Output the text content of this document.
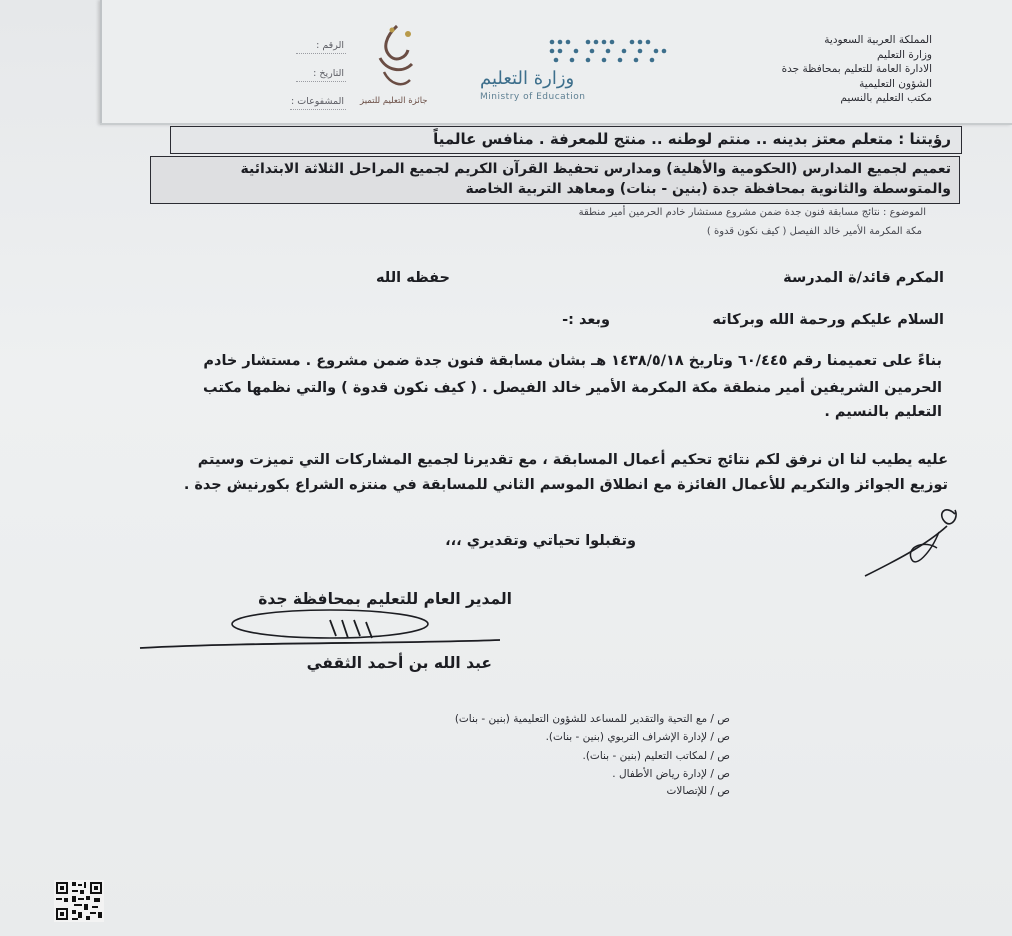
المملكة العربية السعودية
وزارة التعليم
الادارة العامة للتعليم بمحافظة جدة
الشؤون التعليمية
مكتب التعليم بالنسيم
وزارة التعليم
Ministry of Education
جائزة التعليم للتميز
الرقم :
التاريخ :
المشفوعات :
رؤيتنا : متعلم معتز بدينه .. منتم لوطنه .. منتج للمعرفة . منافس عالمياً
تعميم لجميع المدارس (الحكومية والأهلية) ومدارس تحفيظ القرآن الكريم لجميع المراحل الثلاثة الابتدائية
والمتوسطة والثانوية بمحافظة جدة (بنين - بنات) ومعاهد التربية الخاصة
الموضوع : نتائج مسابقة فنون جدة ضمن مشروع مستشار خادم الحرمين أمير منطقة
مكة المكرمة الأمير خالد الفيصل ( كيف نكون قدوة )
المكرم قائد/ة المدرسة
حفظه الله
السلام عليكم ورحمة الله وبركاته
وبعد :-
بناءً على تعميمنا رقم ٦٠/٤٤٥ وتاريخ ١٤٣٨/٥/١٨ هـ بشان مسابقة فنون جدة ضمن مشروع . مستشار خادم
الحرمين الشريفين أمير منطقة مكة المكرمة الأمير خالد الفيصل . ( كيف نكون قدوة ) والتي نظمها مكتب
التعليم بالنسيم .
عليه يطيب لنا ان نرفق لكم نتائج تحكيم أعمال المسابقة ، مع تقديرنا لجميع المشاركات التي تميزت وسيتم
توزيع الجوائز والتكريم للأعمال الفائزة مع انطلاق الموسم الثاني للمسابقة في منتزه الشراع بكورنيش جدة .
وتقبلوا تحياتي وتقديري ،،،
المدير العام للتعليم بمحافظة جدة
عبد الله بن أحمد الثقفي
ص / مع التحية والتقدير للمساعد للشؤون التعليمية (بنين - بنات)
ص / لإدارة الإشراف التربوي (بنين - بنات).
ص / لمكاتب التعليم (بنين - بنات).
ص / لإدارة رياض الأطفال .
ص / للإتصالات
